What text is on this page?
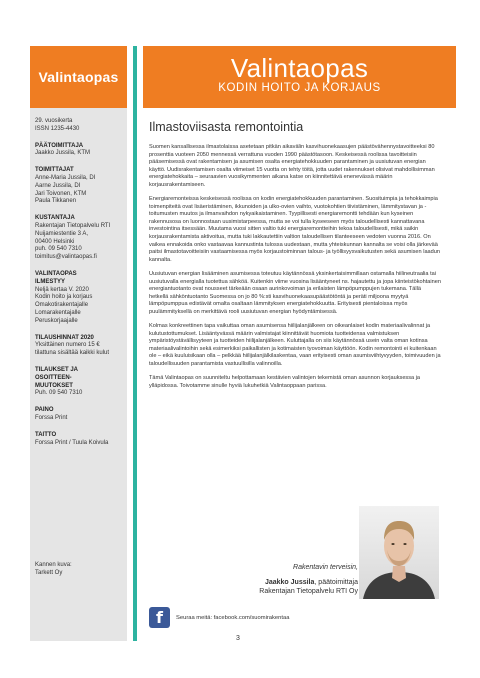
Valintaopas
29. vuosikerta
ISSN 1235-4430
PÄÄTOIMITTAJA
Jaakko Jussila, KTM
TOIMITTAJAT
Anne-Maria Jussila, DI
Aarne Jussila, DI
Jari Toivonen, KTM
Paula Tikkanen
KUSTANTAJA
Rakentajan Tietopalvelu RTI
Nuijamiestentie 3 A,
00400 Helsinki
puh. 09 540 7310
toimitus@valintaopas.fi
VALINTAOPAS ILMESTYY
Neljä kertaa V. 2020
Kodin hoito ja korjaus
Omakotirakentajalle
Lomarakentajalle
Peruskorjaajalle
TILAUSHINNAT 2020
Yksittäinen numero 15 €
tilattuna sisältää kaikki kulut
TILAUKSET JA OSOITTEEN-MUUTOKSET
Puh. 09 540 7310
PAINO
Forssa Print
TAITTO
Forssa Print / Tuula Koivula
Kannen kuva:
Tarkett Oy
Valintaopas
KODIN HOITO JA KORJAUS
Ilmastoviisasta remontointia

Suomen kansallisessa ilmastolaissa asetetaan pitkän aikavälin kasvihuonekaasujen päästövähennystavoitteeksi 80 prosenttia vuoteen 2050 mennessä verrattuna vuoden 1990 päästötasoon. Keskeisessä roolissa tavoitteisiin pääsemisessä ovat rakentamisen ja asumisen osalta energiatehokkuuden parantaminen ja uusiutuvan energian käyttö. Uudisrakentamisen osalta viimeiset 15 vuotta on tehty töitä, jotta uudet rakennukset olisivat mahdollisimman energiatehokkaita – seuraavien vuosikymmenten aikana katse on kiinnitettävä enenevässä määrin korjausrakentamiseen.

Energiaremonteissa keskeisessä roolissa on kodin energiatehokkuuden parantaminen. Suosituimpia ja tehokkaimpia toimenpiteitä ovat lisäeristäminen, ikkunoiden ja ulko-ovien vaihto, vuotokohtien tiivistäminen, lämmitystavan ja -toitumusten muutos ja ilmanvaihdon nykyaikaistaminen. Tyypillisesti energiaremontti tehdään kun kyseinen rakennusosa on luonnostaan uusimistarpeessa, mutta se voi tulla kyseeseen myös taloudellisesti kannattavana investointina itsessään. Muutama vuosi sitten valtio tuki energiaremontteihin tekoa taloudellisesti, mikä saikin korjausrakentamista aktivoitua, mutta tuki lakkautettiin valtion taloudellisen tilanteeseen vedoten vuonna 2016. On vaikea ennakoida onko vastaavaa kannustinta tulossa uudestaan, mutta yhteiskunnan kannalta se voisi olla järkevää paitsi ilmastotavoitteisiin vastaamisessa myös korjaustoiminnan talous- ja työllisyysvaikutusten sekä asumisen laadun kannalta.

Uusiutuvan energian lisääminen asumisessa toteutuu käytännössä yksinkertaisimmillaan ostamalla hiilineutraalia tai uusiutuvalla energialla tuotettua sähköä. Kuitenkin viime vuosina lisääntyneet ns. hajautettu ja jopa kiinteistökohtainen energiantuotanto ovat nousseet tärkeään osaan aurinkovoiman ja erilaisten lämpöpumppujen tukemana. Tällä hetkellä sähköntuotanto Suomessa on jo 80 %:sti kasvihuonekaasupäästötöntä ja peräti miljoona myytyä lämpöpumppua edistävät omalta osaltaan lämmityksen energiatehokkuutta. Erityisesti pientaloissa myös puulämmityksellä on merkittävä rooli uusiutuvan energian hyödyntämisessä.

Kolmas konkreettinen tapa vaikuttaa oman asumisensa hiilijalanjälkeen on oikeanlaiset kodin materiaalivalinnat ja kulutustottumukset. Lisääntyvässä määrin valmistajat kiinnittävät huomiota tuotteidensa valmistuksen ympäristöystävällisyyteen ja tuotteiden hiilijalanjälkeen. Kuluttajalla on siis käytännössä usein valta oman kotinsa materiaalivalintoihin sekä esimerkiksi paikallisten ja kotimaisten tyovoiman käyttöön. Kodin remontointi ei kuitenkaan ole – eikä kuuluisikaan olla – pelkkää hiilijalanjälkilaskentaa, vaan erityisesti oman asumisviihtyvyyden, toimivuuden ja taloudellisuuden parantamista vastuullisilla valinnoilla.

Tämä Valintaopas on suunniteltu helpottamaan kestävien valintojen tekemistä oman asunnon korjauksessa ja ylläpidossa. Toivotamme sinulle hyviä lukuhetkiä Valintaoppaan parissa.

Rakentavin terveisin,
Jaakko Jussila, päätoimittaja
Rakentajan Tietopalvelu RTI Oy
f	Seuraa meitä: facebook.com/suomirakentaa
3
